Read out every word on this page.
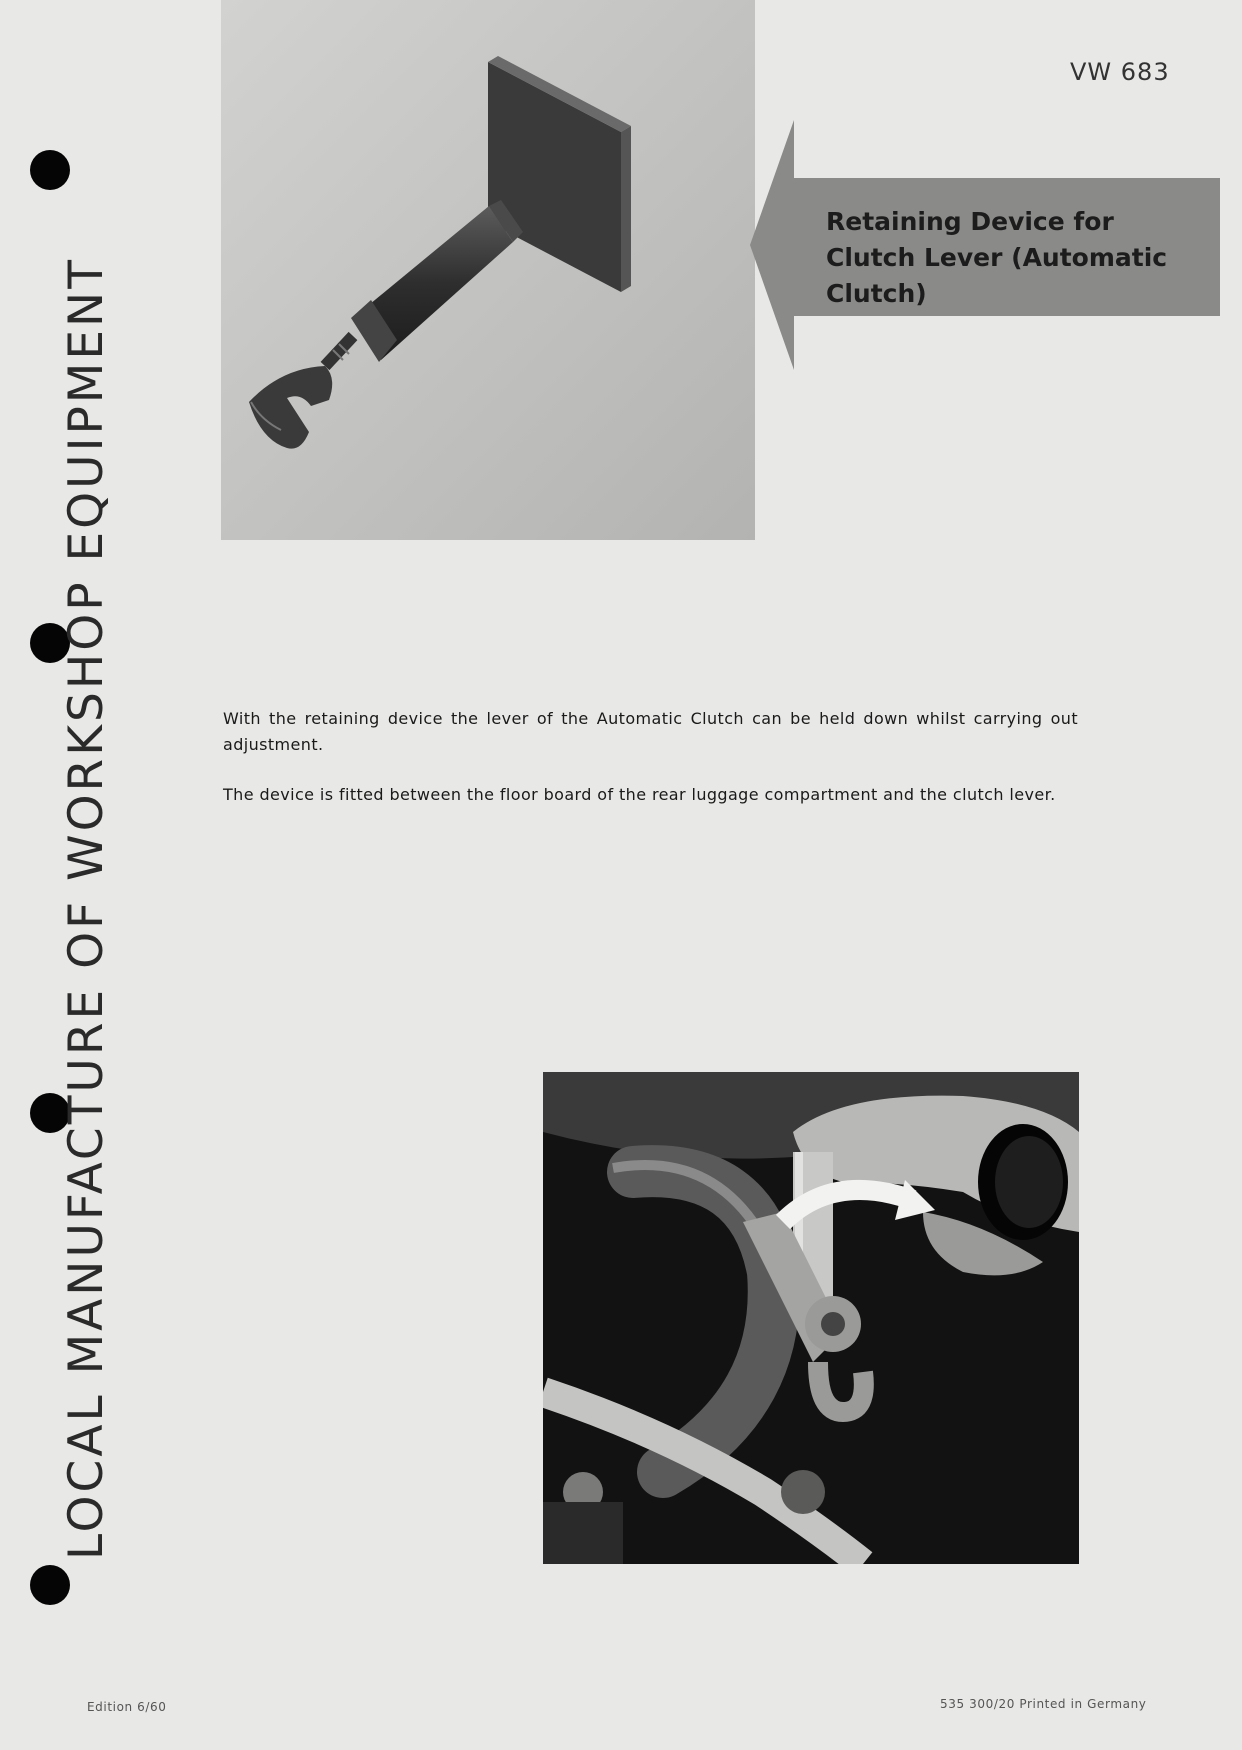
LOCAL MANUFACTURE OF WORKSHOP EQUIPMENT
VW 683
Retaining Device for Clutch Lever (Automatic Clutch)

With the retaining device the lever of the Automatic Clutch can be held down whilst carrying out adjustment.

The device is fitted between the floor board of the rear luggage compartment and the clutch lever.

Edition 6/60	535 300/20 Printed in Germany
